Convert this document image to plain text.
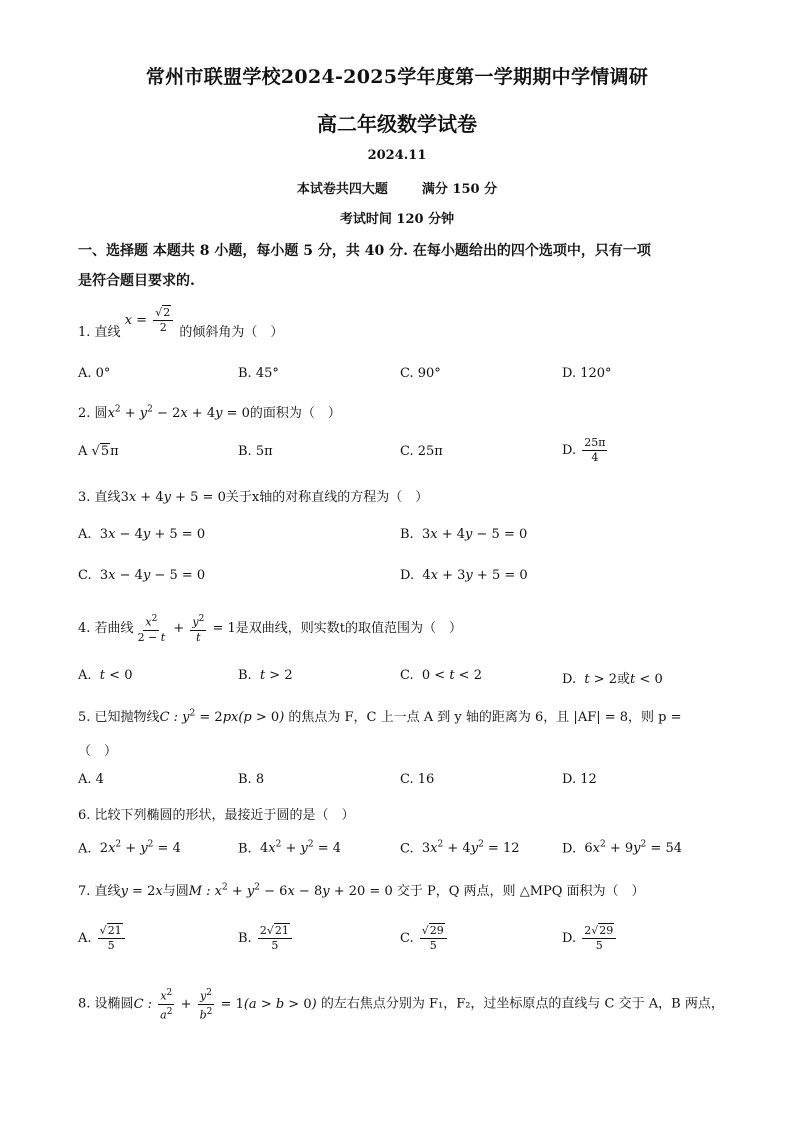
常州市联盟学校2024-2025学年度第一学期期中学情调研
高二年级数学试卷
2024.11
本试卷共四大题	满分 150 分
考试时间 120 分钟
一、选择题 本题共 8 小题，每小题 5 分，共 40 分. 在每小题给出的四个选项中，只有一项
是符合题目要求的.
1. 直线 $x = \frac{√2}{2}$ 的倾斜角为（　）
A. 0°	B. 45°	C. 90°	D. 120°
2. 圆$x^2 + y^2 - 2x + 4y = 0$的面积为（　）
A √5π	B. 5π	C. 25π	D. $\frac{25\pi}{4}$
3. 直线3x + 4y + 5 = 0关于x轴的对称直线的方程为（　）
A. 3x − 4y + 5 = 0	B. 3x + 4y − 5 = 0
C. 3x − 4y − 5 = 0	D. 4x + 3y + 5 = 0
4. 若曲线 $\frac{x^2}{2 - t} + \frac{y^2}{t} = 1$是双曲线，则实数t的取值范围为（　）
A. t < 0	B. t > 2	C. 0 < t < 2	D. t > 2或t < 0
5. 已知抛物线C : $y^2 = 2px(p > 0)$ 的焦点为 F，C 上一点 A 到 y 轴的距离为 6，且 |AF| = 8，则 p =
（　）
A. 4	B. 8	C. 16	D. 12
6. 比较下列椭圆的形状，最接近于圆的是（　）
A. $2x^2 + y^2 = 4$	B. $4x^2 + y^2 = 4$	C. $3x^2 + 4y^2 = 12$	D. $6x^2 + 9y^2 = 54$
7. 直线y = 2x与圆M : $x^2 + y^2 - 6x - 8y + 20 = 0$ 交于 P，Q 两点，则 △MPQ 面积为（　）
A. $\frac{√21}{5}$	B. $\frac{2√21}{5}$	C. $\frac{√29}{5}$	D. $\frac{2√29}{5}$
8. 设椭圆C : $\frac{x^2}{a^2} + \frac{y^2}{b^2} = 1(a > b > 0)$ 的左右焦点分别为 F₁，F₂，过坐标原点的直线与 C 交于 A，B 两点，
